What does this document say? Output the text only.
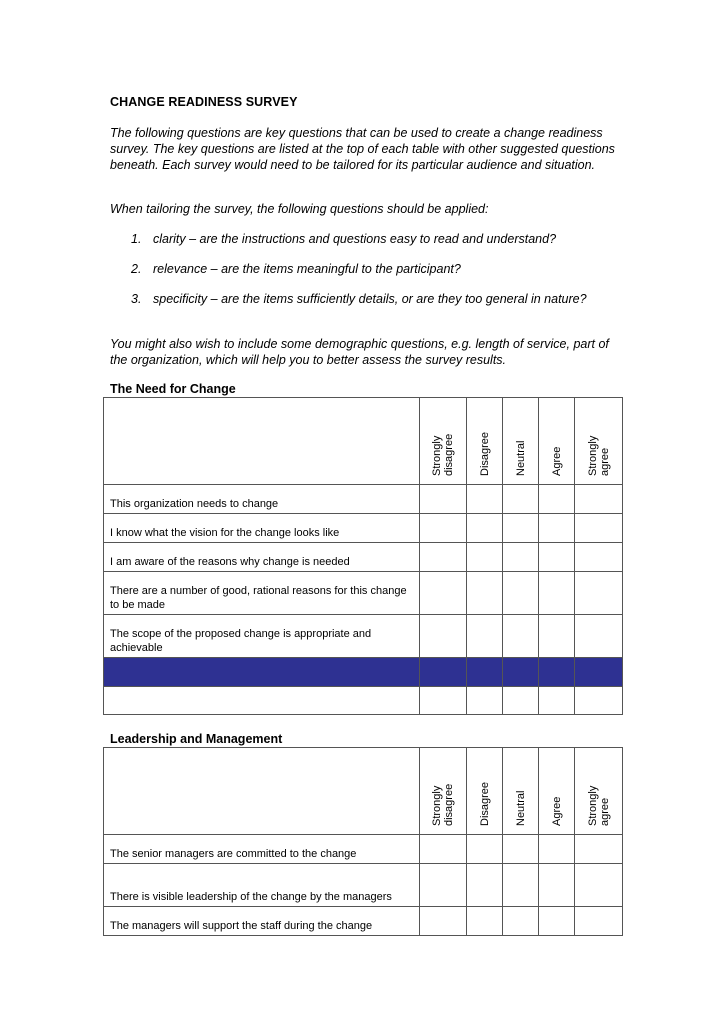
CHANGE READINESS SURVEY

The following questions are key questions that can be used to create a change readiness survey. The key questions are listed at the top of each table with other suggested questions beneath. Each survey would need to be tailored for its particular audience and situation.

When tailoring the survey, the following questions should be applied:

1. clarity – are the instructions and questions easy to read and understand?
2. relevance – are the items meaningful to the participant?
3. specificity – are the items sufficiently details, or are they too general in nature?

You might also wish to include some demographic questions, e.g. length of service, part of the organization, which will help you to better assess the survey results.

The Need for Change

	Strongly
disagree	Disagree	Neutral	Agree	Strongly
agree

This organization needs to change					
I know what the vision for the change looks like					
I am aware of the reasons why change is needed					
There are a number of good, rational reasons for this change to be made					
The scope of the proposed change is appropriate and achievable					

Leadership and Management

	Strongly
disagree	Disagree	Neutral	Agree	Strongly
agree

The senior managers are committed to the change					
There is visible leadership of the change by the managers					
The managers will support the staff during the change					
